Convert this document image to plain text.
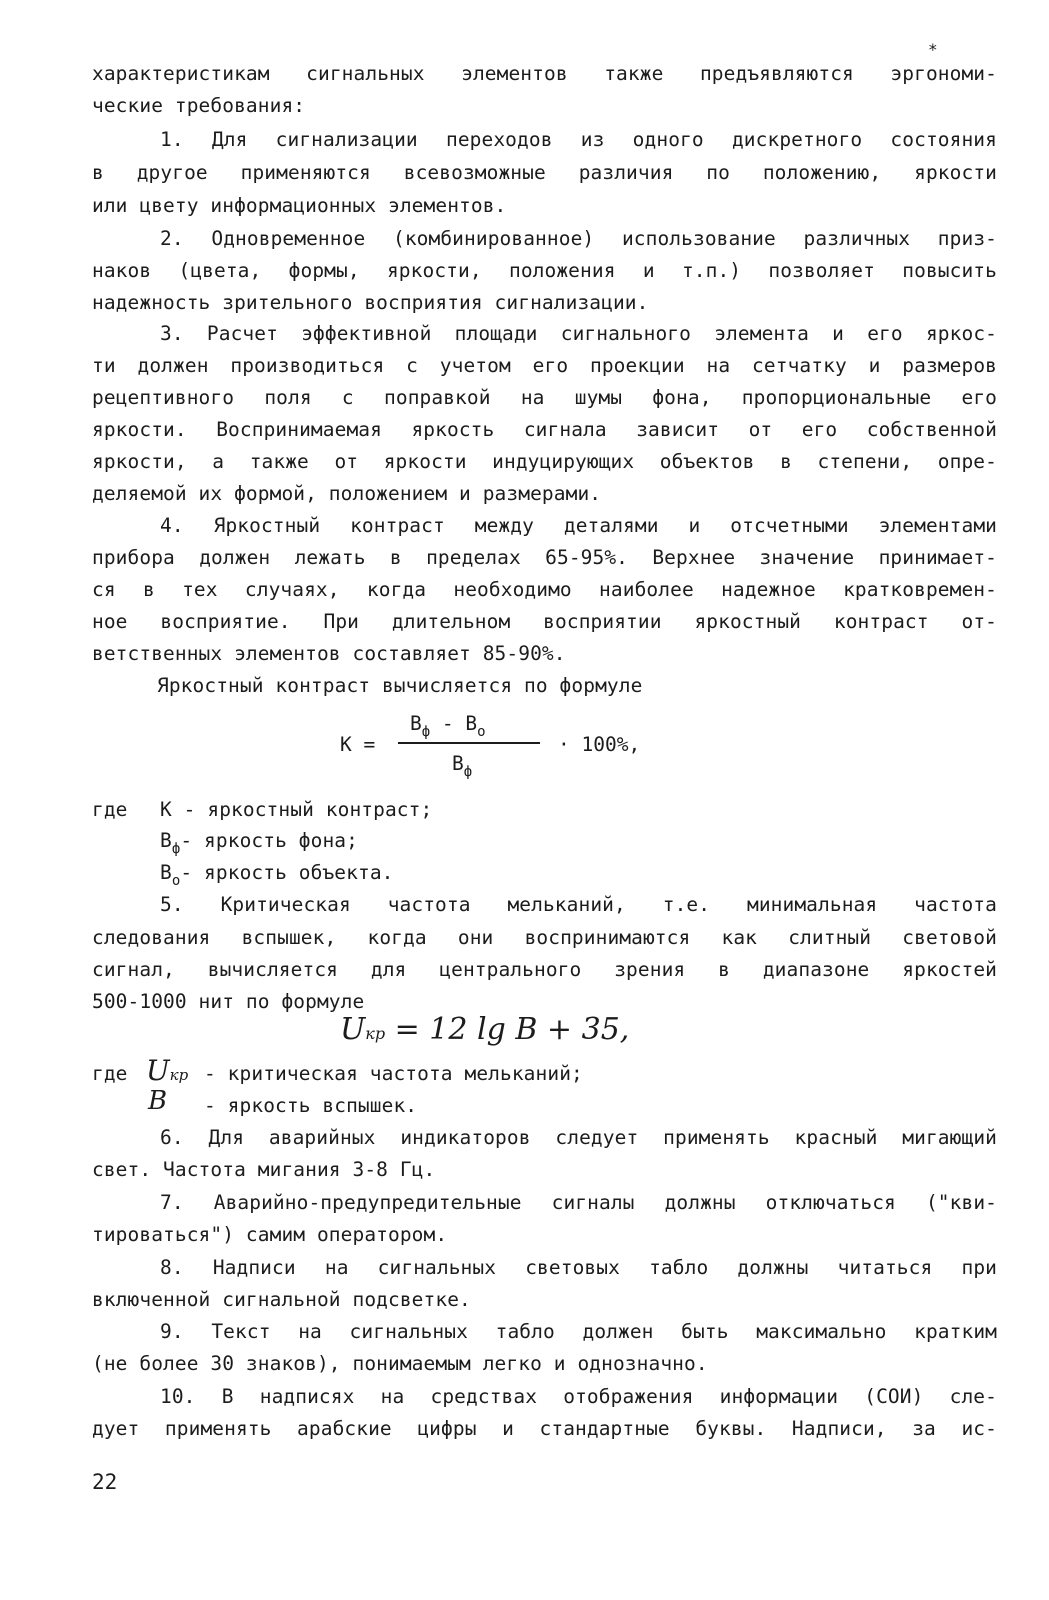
*
характеристикам сигнальных элементов также предъявляются эргономи-
ческие требования:
1. Для сигнализации переходов из одного дискретного состояния
в другое применяются всевозможные различия по положению, яркости
или цвету информационных элементов.
2. Одновременное (комбинированное) использование различных приз-
наков (цвета, формы, яркости, положения и т.п.) позволяет повысить
надежность зрительного восприятия сигнализации.
3. Расчет эффективной площади сигнального элемента и его яркос-
ти должен производиться с учетом его проекции на сетчатку и размеров
рецептивного поля с поправкой на шумы фона, пропорциональные его
яркости. Воспринимаемая яркость сигнала зависит от его собственной
яркости, а также от яркости индуцирующих объектов в степени, опре-
деляемой их формой, положением и размерами.
4. Яркостный контраст между деталями и отсчетными элементами
прибора должен лежать в пределах 65-95%. Верхнее значение принимает-
ся в тех случаях, когда необходимо наиболее надежное кратковремен-
ное восприятие. При длительном восприятии яркостный контраст от-
ветственных элементов составляет 85-90%.
Яркостный контраст вычисляется по формуле
К =
$В_ф - В_о$
$В_ф$
· 100%,
где	К - яркостный контраст;
$В_ф-$ яркость фона;
$В_о-$ яркость объекта.
5. Критическая частота мельканий, т.е. минимальная частота
следования вспышек, когда они воспринимаются как слитный световой
сигнал, вычисляется для центрального зрения в диапазоне яркостей
500-1000 нит по формуле
Uкр = 12 lg B + 35,
где Uкр - критическая частота мельканий;
B - яркость вспышек.
6. Для аварийных индикаторов следует применять красный мигающий
свет. Частота мигания 3-8 Гц.
7. Аварийно-предупредительные сигналы должны отключаться ("кви-
тироваться") самим оператором.
8. Надписи на сигнальных световых табло должны читаться при
включенной сигнальной подсветке.
9. Текст на сигнальных табло должен быть максимально кратким
(не более 30 знаков), понимаемым легко и однозначно.
10. В надписях на средствах отображения информации (СОИ) сле-
дует применять арабские цифры и стандартные буквы. Надписи, за ис-
22
